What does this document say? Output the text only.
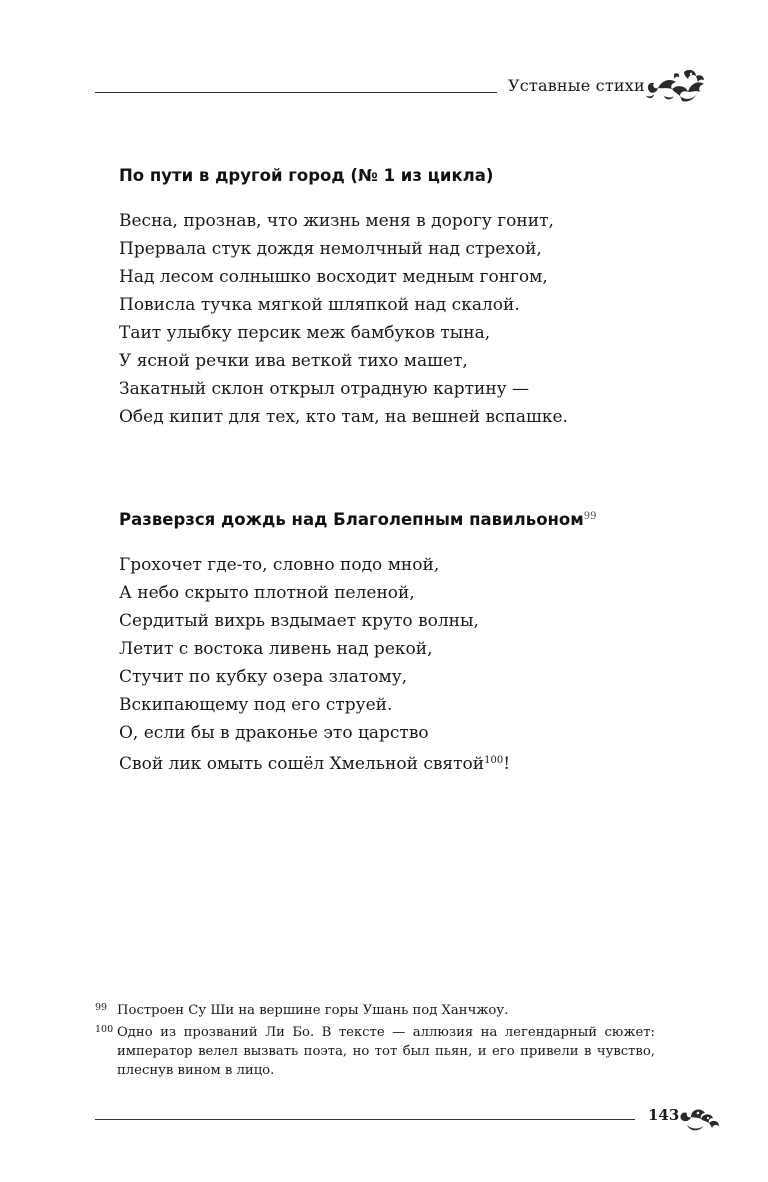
Уставные стихи
По пути в другой город (№ 1 из цикла)
Весна, прознав, что жизнь меня в дорогу гонит,
Прервала стук дождя немолчный над стрехой,
Над лесом солнышко восходит медным гонгом,
Повисла тучка мягкой шляпкой над скалой.
Таит улыбку персик меж бамбуков тына,
У ясной речки ива веткой тихо машет,
Закатный склон открыл отрадную картину —
Обед кипит для тех, кто там, на вешней вспашке.
Разверзся дождь над Благолепным павильоном$^{99}$
Грохочет где-то, словно подо мной,
А небо скрыто плотной пеленой,
Сердитый вихрь вздымает круто волны,
Летит с востока ливень над рекой,
Стучит по кубку озера златому,
Вскипающему под его струей.
О, если бы в драконье это царство
Свой лик омыть сошёл Хмельной святой$^{100}$!
99 Построен Су Ши на вершине горы Ушань под Ханчжоу.
100 Одно из прозваний Ли Бо. В тексте — аллюзия на легендарный сюжет: император велел вызвать поэта, но тот был пьян, и его привели в чувство, плеснув вином в лицо.
143
